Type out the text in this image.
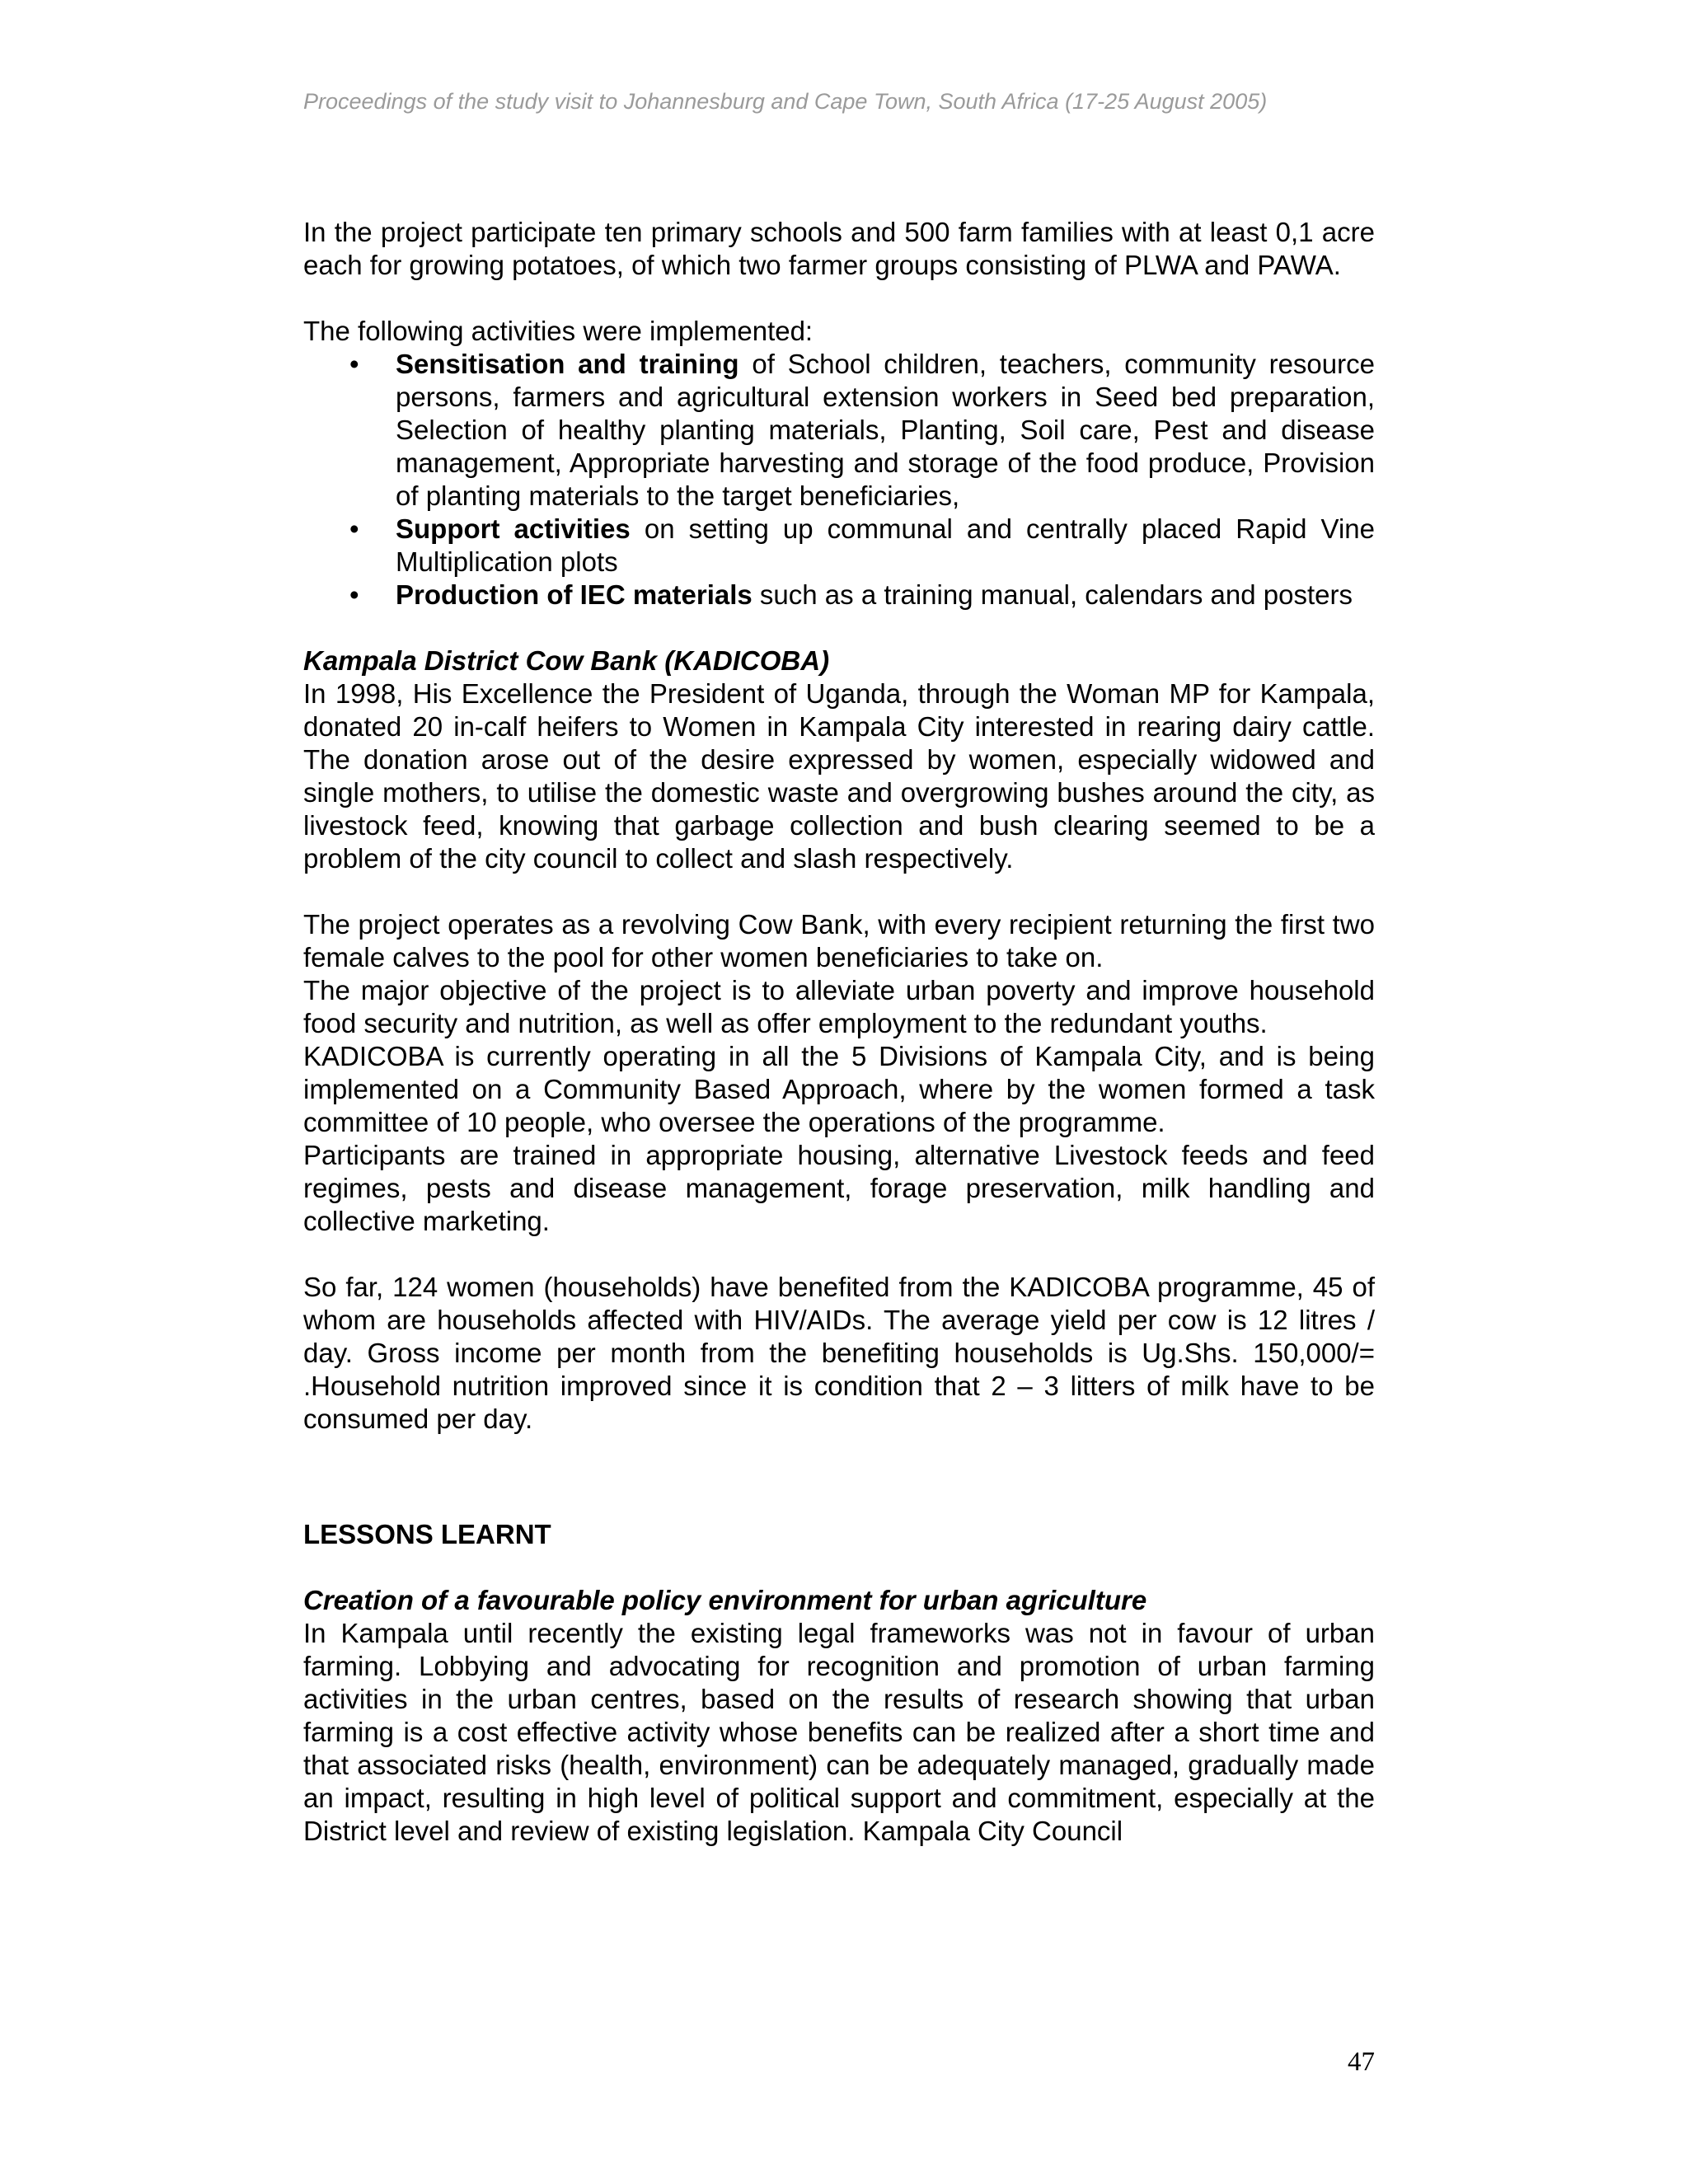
Proceedings of the study visit to Johannesburg and Cape Town, South Africa (17-25 August 2005)

In the project participate ten primary schools and 500 farm families with at least 0,1 acre each for growing potatoes, of which two farmer groups consisting of PLWA and PAWA.

The following activities were implemented:

• Sensitisation and training of School children, teachers, community resource persons, farmers and agricultural extension workers in Seed bed preparation, Selection of healthy planting materials, Planting, Soil care, Pest and disease management, Appropriate harvesting and storage of the food produce, Provision of planting materials to the target beneficiaries,
• Support activities on setting up communal and centrally placed Rapid Vine Multiplication plots
• Production of IEC materials such as a training manual, calendars and posters

Kampala District Cow Bank (KADICOBA)

In 1998, His Excellence the President of Uganda, through the Woman MP for Kampala, donated 20 in-calf heifers to Women in Kampala City interested in rearing dairy cattle. The donation arose out of the desire expressed by women, especially widowed and single mothers, to utilise the domestic waste and overgrowing bushes around the city, as livestock feed, knowing that garbage collection and bush clearing seemed to be a problem of the city council to collect and slash respectively.

The project operates as a revolving Cow Bank, with every recipient returning the first two female calves to the pool for other women beneficiaries to take on.

The major objective of the project is to alleviate urban poverty and improve household food security and nutrition, as well as offer employment to the redundant youths.

KADICOBA is currently operating in all the 5 Divisions of Kampala City, and is being implemented on a Community Based Approach, where by the women formed a task committee of 10 people, who oversee the operations of the programme.

Participants are trained in appropriate housing, alternative Livestock feeds and feed regimes, pests and disease management, forage preservation, milk handling and collective marketing.

So far, 124 women (households) have benefited from the KADICOBA programme, 45 of whom are households affected with HIV/AIDs. The average yield per cow is 12 litres / day. Gross income per month from the benefiting households is Ug.Shs. 150,000/= .Household nutrition improved since it is condition that 2 – 3 litters of milk have to be consumed per day.

LESSONS LEARNT

Creation of a favourable policy environment for urban agriculture

In Kampala until recently the existing legal frameworks was not in favour of urban farming. Lobbying and advocating for recognition and promotion of urban farming activities in the urban centres, based on the results of research showing that urban farming is a cost effective activity whose benefits can be realized after a short time and that associated risks (health, environment) can be adequately managed, gradually made an impact, resulting in high level of political support and commitment, especially at the District level and review of existing legislation. Kampala City Council

47
